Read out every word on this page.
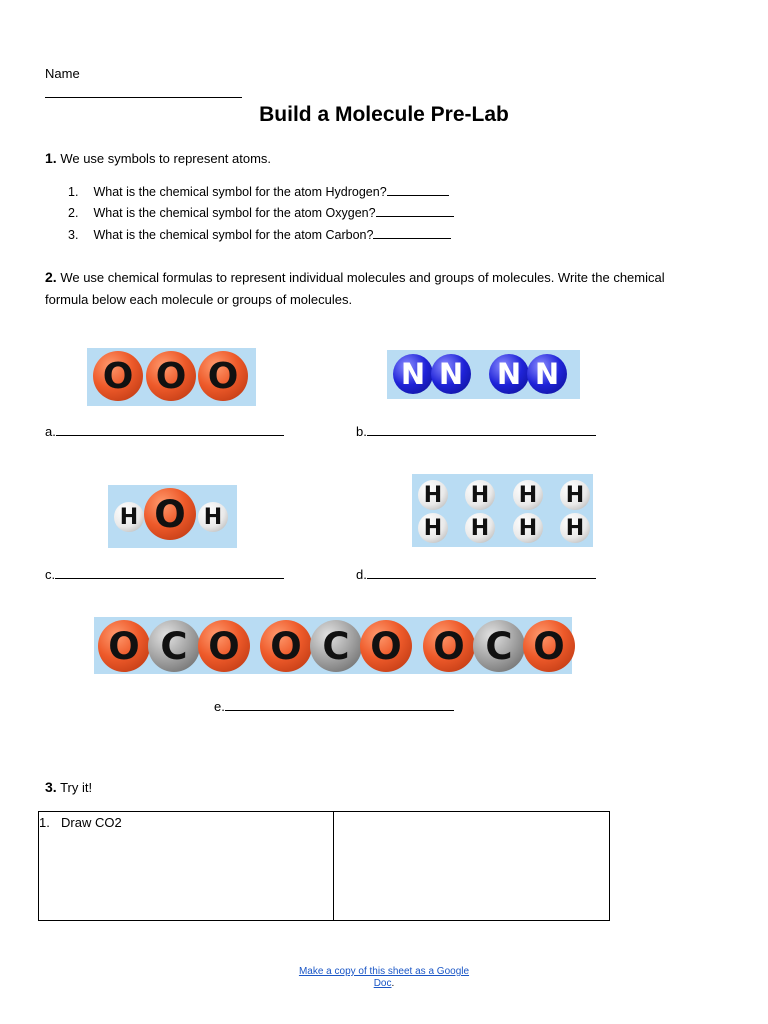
Name
Build a Molecule Pre-Lab
1. We use symbols to represent atoms.
1. What is the chemical symbol for the atom Hydrogen?
2. What is the chemical symbol for the atom Oxygen?
3. What is the chemical symbol for the atom Carbon?
2. We use chemical formulas to represent individual molecules and groups of molecules. Write the chemical formula below each molecule or groups of molecules.
O O O	N N N N
H O H
H H H H
H H H H
O C O O C O O C O
a.	b.
c.	d.
e.
3. Try it!
1. Draw CO2
Make a copy of this sheet as a Google
Doc.
